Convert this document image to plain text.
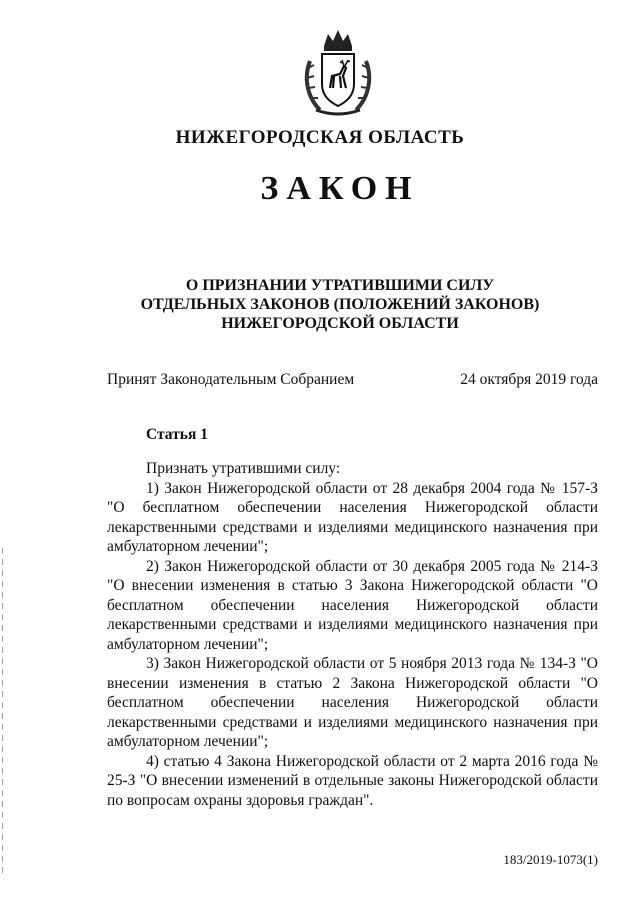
НИЖЕГОРОДСКАЯ ОБЛАСТЬ
ЗАКОН
О ПРИЗНАНИИ УТРАТИВШИМИ СИЛУ
ОТДЕЛЬНЫХ ЗАКОНОВ (ПОЛОЖЕНИЙ ЗАКОНОВ)
НИЖЕГОРОДСКОЙ ОБЛАСТИ
Принят Законодательным Собранием	24 октября 2019 года
Статья 1

Признать утратившими силу:

1) Закон Нижегородской области от 28 декабря 2004 года № 157-З "О бесплатном обеспечении населения Нижегородской области лекарственными средствами и изделиями медицинского назначения при амбулаторном лечении";

2) Закон Нижегородской области от 30 декабря 2005 года № 214-З "О внесении изменения в статью 3 Закона Нижегородской области "О бесплатном обеспечении населения Нижегородской области лекарственными средствами и изделиями медицинского назначения при амбулаторном лечении";

3) Закон Нижегородской области от 5 ноября 2013 года № 134-З "О внесении изменения в статью 2 Закона Нижегородской области "О бесплатном обеспечении населения Нижегородской области лекарственными средствами и изделиями медицинского назначения при амбулаторном лечении";

4) статью 4 Закона Нижегородской области от 2 марта 2016 года № 25-З "О внесении изменений в отдельные законы Нижегородской области по вопросам охраны здоровья граждан".

183/2019-1073(1)
